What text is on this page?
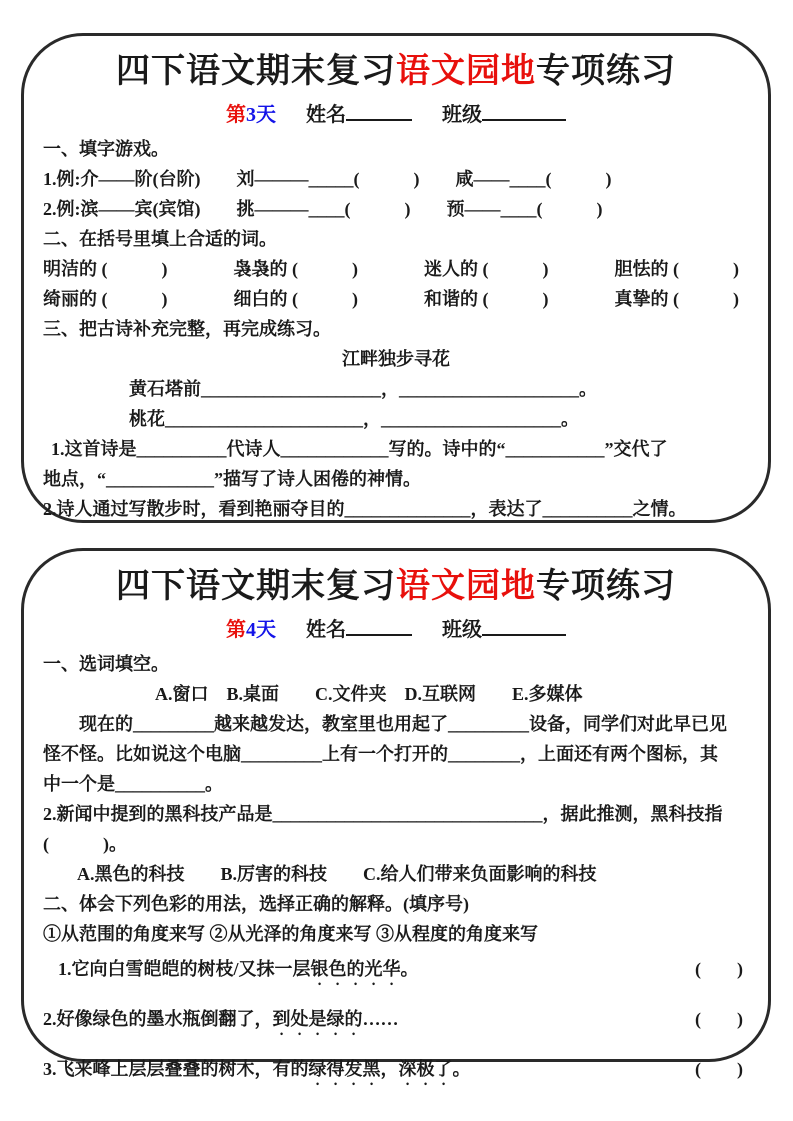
四下语文期末复习语文园地专项练习
第3天 姓名	班级
一、填字游戏。
1.例:介——阶(台阶)　　刘———_____(　　　)　　咸——____(　　　)
2.例:滨——宾(宾馆)　　挑———____(　　　)　　预——____(　　　)
二、在括号里填上合适的词。
明洁的 (　　　)	袅袅的 (　　　)	迷人的 (　　　)	胆怯的 (　　　)
绮丽的 (　　　)	细白的 (　　　)	和谐的 (　　　)	真挚的 (　　　)
三、把古诗补充完整，再完成练习。
江畔独步寻花
黄石塔前____________________，____________________。
桃花______________________，____________________。
1.这首诗是__________代诗人____________写的。诗中的“___________”交代了
地点，“____________”描写了诗人困倦的神情。
2.诗人通过写散步时，看到艳丽夺目的______________，表达了__________之情。
四下语文期末复习语文园地专项练习
第4天 姓名	班级
一、选词填空。
A.窗口　B.桌面　　C.文件夹　D.互联网　　E.多媒体
现在的_________越来越发达，教室里也用起了_________设备，同学们对此早已见
怪不怪。比如说这个电脑_________上有一个打开的________，上面还有两个图标，其
中一个是__________。
2.新闻中提到的黑科技产品是______________________________，据此推测，黑科技指
(　　　)。
A.黑色的科技　　B.厉害的科技　　C.给人们带来负面影响的科技
二、体会下列色彩的用法，选择正确的解释。(填序号)
①从范围的角度来写 ②从光泽的角度来写 ③从程度的角度来写
1.它向白雪皑皑的树枝/又抹一层银色的光华。	(　　)
2.好像绿色的墨水瓶倒翻了，到处是绿的……	(　　)
3.飞来峰上层层叠叠的树木，有的绿得发黑，深极了。	(　　)
